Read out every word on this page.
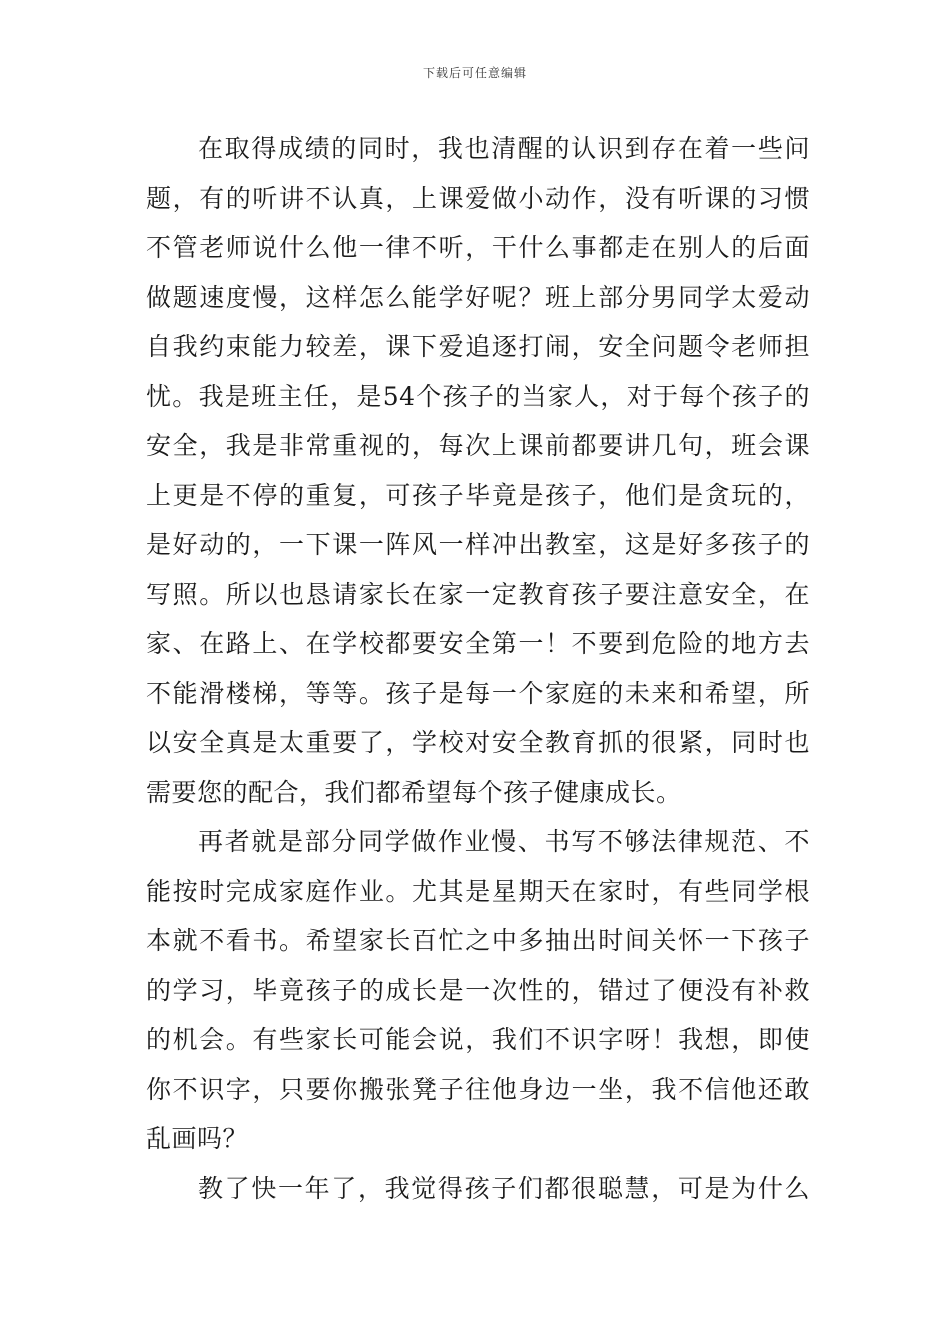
下载后可任意编辑
在取得成绩的同时，我也清醒的认识到存在着一些问
题，有的听讲不认真，上课爱做小动作，没有听课的习惯
不管老师说什么他一律不听，干什么事都走在别人的后面
做题速度慢，这样怎么能学好呢？班上部分男同学太爱动
自我约束能力较差，课下爱追逐打闹，安全问题令老师担
忧。我是班主任，是54个孩子的当家人，对于每个孩子的
安全，我是非常重视的，每次上课前都要讲几句，班会课
上更是不停的重复，可孩子毕竟是孩子，他们是贪玩的，
是好动的，一下课一阵风一样冲出教室，这是好多孩子的
写照。所以也恳请家长在家一定教育孩子要注意安全，在
家、在路上、在学校都要安全第一！不要到危险的地方去
不能滑楼梯，等等。孩子是每一个家庭的未来和希望，所
以安全真是太重要了，学校对安全教育抓的很紧，同时也
需要您的配合，我们都希望每个孩子健康成长。
再者就是部分同学做作业慢、书写不够法律规范、不
能按时完成家庭作业。尤其是星期天在家时，有些同学根
本就不看书。希望家长百忙之中多抽出时间关怀一下孩子
的学习，毕竟孩子的成长是一次性的，错过了便没有补救
的机会。有些家长可能会说，我们不识字呀！我想，即使
你不识字，只要你搬张凳子往他身边一坐，我不信他还敢
乱画吗？
教了快一年了，我觉得孩子们都很聪慧，可是为什么
